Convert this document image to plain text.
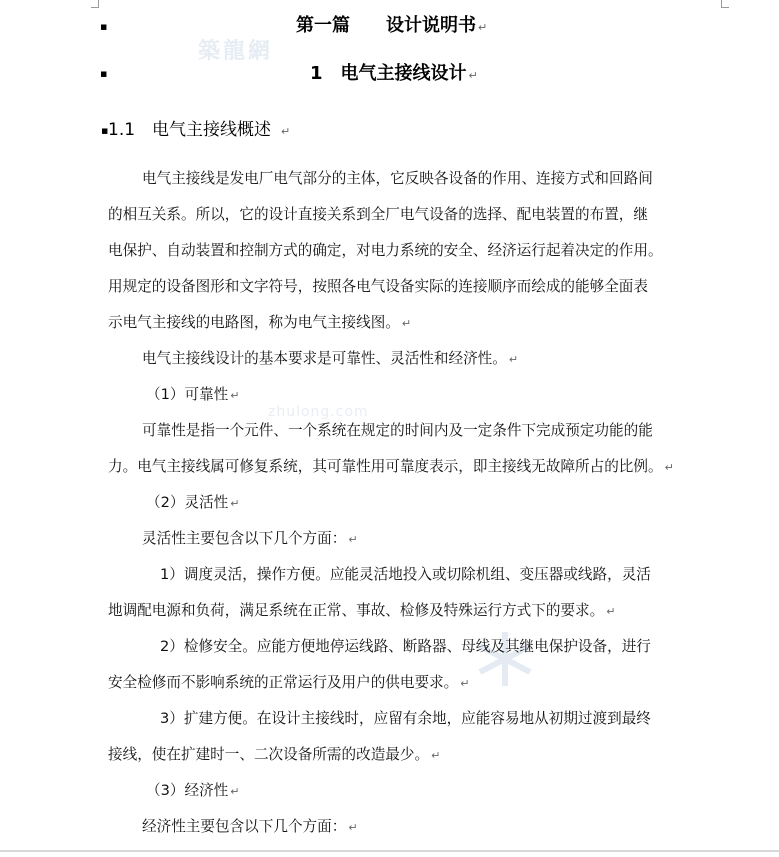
築龍網
zhulong.com
▪
▪
▪
第一篇　　设计说明书 ↵
1　电气主接线设计 ↵
1.1　电气主接线概述 ↵
电气主接线是发电厂电气部分的主体，它反映各设备的作用、连接方式和回路间
的相互关系。所以，它的设计直接关系到全厂电气设备的选择、配电装置的布置，继
电保护、自动装置和控制方式的确定，对电力系统的安全、经济运行起着决定的作用。
用规定的设备图形和文字符号，按照各电气设备实际的连接顺序而绘成的能够全面表
示电气主接线的电路图，称为电气主接线图。 ↵
电气主接线设计的基本要求是可靠性、灵活性和经济性。 ↵
（1）可靠性 ↵
可靠性是指一个元件、一个系统在规定的时间内及一定条件下完成预定功能的能
力。电气主接线属可修复系统，其可靠性用可靠度表示，即主接线无故障所占的比例。 ↵
（2）灵活性 ↵
灵活性主要包含以下几个方面： ↵
1）调度灵活，操作方便。应能灵活地投入或切除机组、变压器或线路，灵活
地调配电源和负荷，满足系统在正常、事故、检修及特殊运行方式下的要求。 ↵
2）检修安全。应能方便地停运线路、断路器、母线及其继电保护设备，进行
安全检修而不影响系统的正常运行及用户的供电要求。 ↵
3）扩建方便。在设计主接线时，应留有余地，应能容易地从初期过渡到最终
接线，使在扩建时一、二次设备所需的改造最少。 ↵
（3）经济性 ↵
经济性主要包含以下几个方面： ↵
